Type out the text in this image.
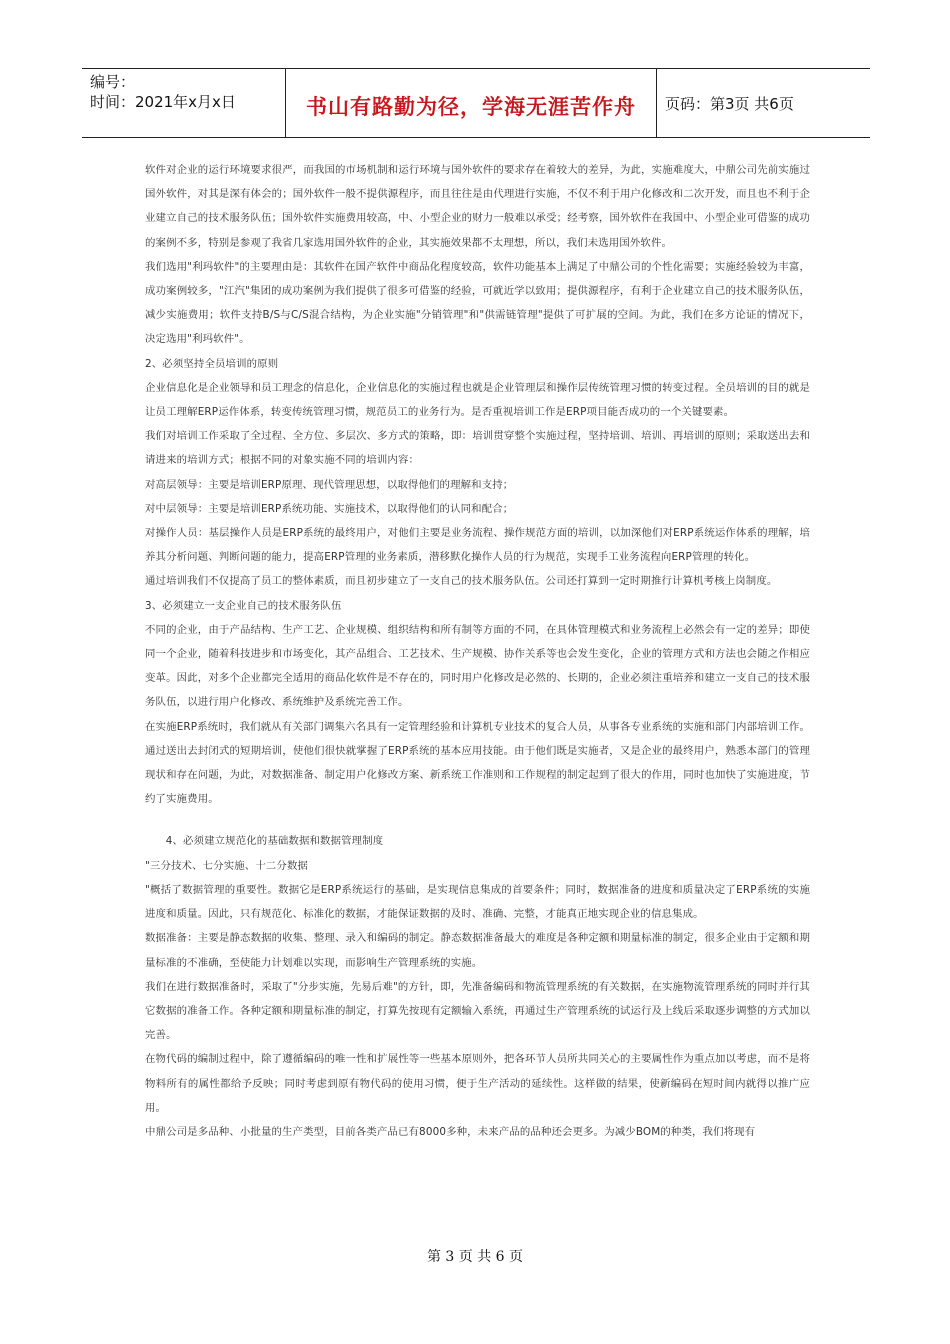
编号：
时间：2021年x月x日	书山有路勤为径，学海无涯苦作舟	页码：第3页 共6页

软件对企业的运行环境要求很严，而我国的市场机制和运行环境与国外软件的要求存在着较大的差异，为此，实施难度大，中鼎公司先前实施过国外软件，对其是深有体会的；国外软件一般不提供源程序，而且往往是由代理进行实施，不仅不利于用户化修改和二次开发，而且也不利于企业建立自己的技术服务队伍；国外软件实施费用较高，中、小型企业的财力一般难以承受；经考察，国外软件在我国中、小型企业可借鉴的成功的案例不多，特别是参观了我省几家选用国外软件的企业，其实施效果都不太理想，所以，我们未选用国外软件。

我们选用"利玛软件"的主要理由是：其软件在国产软件中商品化程度较高，软件功能基本上满足了中鼎公司的个性化需要；实施经验较为丰富，成功案例较多，"江汽"集团的成功案例为我们提供了很多可借鉴的经验，可就近学以致用；提供源程序，有利于企业建立自己的技术服务队伍，减少实施费用；软件支持B/S与C/S混合结构，为企业实施"分销管理"和"供需链管理"提供了可扩展的空间。为此，我们在多方论证的情况下，决定选用"利玛软件"。

2、必须坚持全员培训的原则

企业信息化是企业领导和员工理念的信息化，企业信息化的实施过程也就是企业管理层和操作层传统管理习惯的转变过程。全员培训的目的就是让员工理解ERP运作体系，转变传统管理习惯，规范员工的业务行为。是否重视培训工作是ERP项目能否成功的一个关键要素。

我们对培训工作采取了全过程、全方位、多层次、多方式的策略，即：培训贯穿整个实施过程，坚持培训、培训、再培训的原则；采取送出去和请进来的培训方式；根据不同的对象实施不同的培训内容：

对高层领导：主要是培训ERP原理、现代管理思想，以取得他们的理解和支持；

对中层领导：主要是培训ERP系统功能、实施技术，以取得他们的认同和配合；

对操作人员：基层操作人员是ERP系统的最终用户，对他们主要是业务流程、操作规范方面的培训，以加深他们对ERP系统运作体系的理解，培养其分析问题、判断问题的能力，提高ERP管理的业务素质，潜移默化操作人员的行为规范，实现手工业务流程向ERP管理的转化。

通过培训我们不仅提高了员工的整体素质，而且初步建立了一支自己的技术服务队伍。公司还打算到一定时期推行计算机考核上岗制度。

3、必须建立一支企业自己的技术服务队伍

不同的企业，由于产品结构、生产工艺、企业规模、组织结构和所有制等方面的不同，在具体管理模式和业务流程上必然会有一定的差异；即使同一个企业，随着科技进步和市场变化，其产品组合、工艺技术、生产规模、协作关系等也会发生变化，企业的管理方式和方法也会随之作相应变革。因此，对多个企业都完全适用的商品化软件是不存在的，同时用户化修改是必然的、长期的，企业必须注重培养和建立一支自己的技术服务队伍，以进行用户化修改、系统维护及系统完善工作。

在实施ERP系统时，我们就从有关部门调集六名具有一定管理经验和计算机专业技术的复合人员，从事各专业系统的实施和部门内部培训工作。通过送出去封闭式的短期培训，使他们很快就掌握了ERP系统的基本应用技能。由于他们既是实施者，又是企业的最终用户，熟悉本部门的管理现状和存在问题，为此，对数据准备、制定用户化修改方案、新系统工作准则和工作规程的制定起到了很大的作用，同时也加快了实施进度，节约了实施费用。

4、必须建立规范化的基础数据和数据管理制度

"三分技术、七分实施、十二分数据

"概括了数据管理的重要性。数据它是ERP系统运行的基础，是实现信息集成的首要条件；同时，数据准备的进度和质量决定了ERP系统的实施进度和质量。因此，只有规范化、标准化的数据，才能保证数据的及时、准确、完整，才能真正地实现企业的信息集成。

数据准备：主要是静态数据的收集、整理、录入和编码的制定。静态数据准备最大的难度是各种定额和期量标准的制定，很多企业由于定额和期量标准的不准确，至使能力计划难以实现，而影响生产管理系统的实施。

我们在进行数据准备时，采取了"分步实施，先易后难"的方针，即，先准备编码和物流管理系统的有关数据，在实施物流管理系统的同时并行其它数据的准备工作。各种定额和期量标准的制定，打算先按现有定额输入系统，再通过生产管理系统的试运行及上线后采取逐步调整的方式加以完善。

在物代码的编制过程中，除了遵循编码的唯一性和扩展性等一些基本原则外，把各环节人员所共同关心的主要属性作为重点加以考虑，而不是将物料所有的属性都给予反映；同时考虑到原有物代码的使用习惯，便于生产活动的延续性。这样做的结果，使新编码在短时间内就得以推广应用。

中鼎公司是多品种、小批量的生产类型，目前各类产品已有8000多种，未来产品的品种还会更多。为减少BOM的种类，我们将现有

第 3 页 共 6 页
